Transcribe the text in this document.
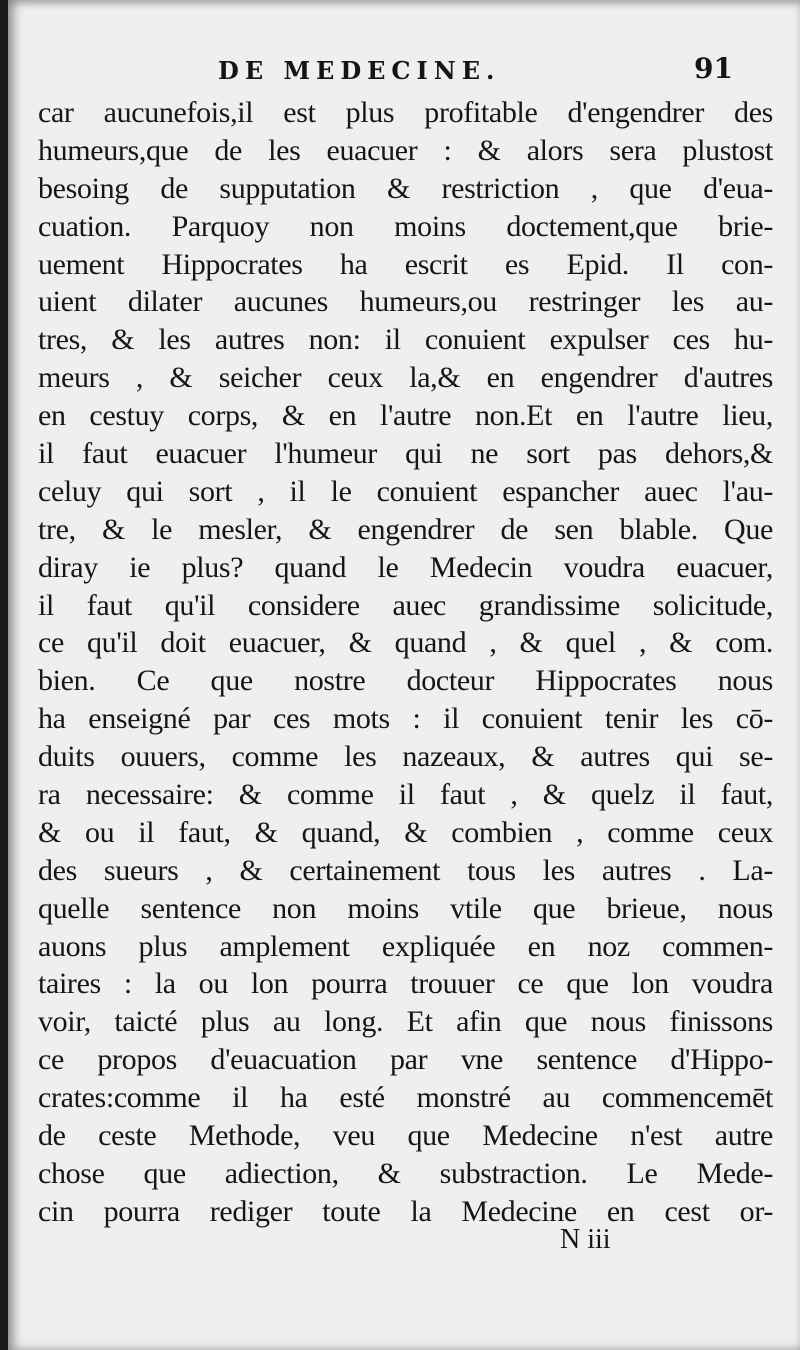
DE MEDECINE.	91
car aucunefois,il est plus profitable d'engendrer des
humeurs,que de les euacuer : & alors sera plustost
besoing de supputation & restriction , que d'eua-
cuation. Parquoy non moins doctement,que brie-
uement Hippocrates ha escrit es Epid. Il con-
uient dilater aucunes humeurs,ou restringer les au-
tres, & les autres non: il conuient expulser ces hu-
meurs , & seicher ceux la,& en engendrer d'autres
en cestuy corps, & en l'autre non.Et en l'autre lieu,
il faut euacuer l'humeur qui ne sort pas dehors,&
celuy qui sort , il le conuient espancher auec l'au-
tre, & le mesler, & engendrer de sen blable. Que
diray ie plus? quand le Medecin voudra euacuer,
il faut qu'il considere auec grandissime solicitude,
ce qu'il doit euacuer, & quand , & quel , & com.
bien. Ce que nostre docteur Hippocrates nous
ha enseigné par ces mots : il conuient tenir les cō-
duits ouuers, comme les nazeaux, & autres qui se-
ra necessaire: & comme il faut , & quelz il faut,
& ou il faut, & quand, & combien , comme ceux
des sueurs , & certainement tous les autres . La-
quelle sentence non moins vtile que brieue, nous
auons plus amplement expliquée en noz commen-
taires : la ou lon pourra trouuer ce que lon voudra
voir, taicté plus au long. Et afin que nous finissons
ce propos d'euacuation par vne sentence d'Hippo-
crates:comme il ha esté monstré au commencemēt
de ceste Methode, veu que Medecine n'est autre
chose que adiection, & substraction. Le Mede-
cin pourra rediger toute la Medecine en cest or-
N iii
